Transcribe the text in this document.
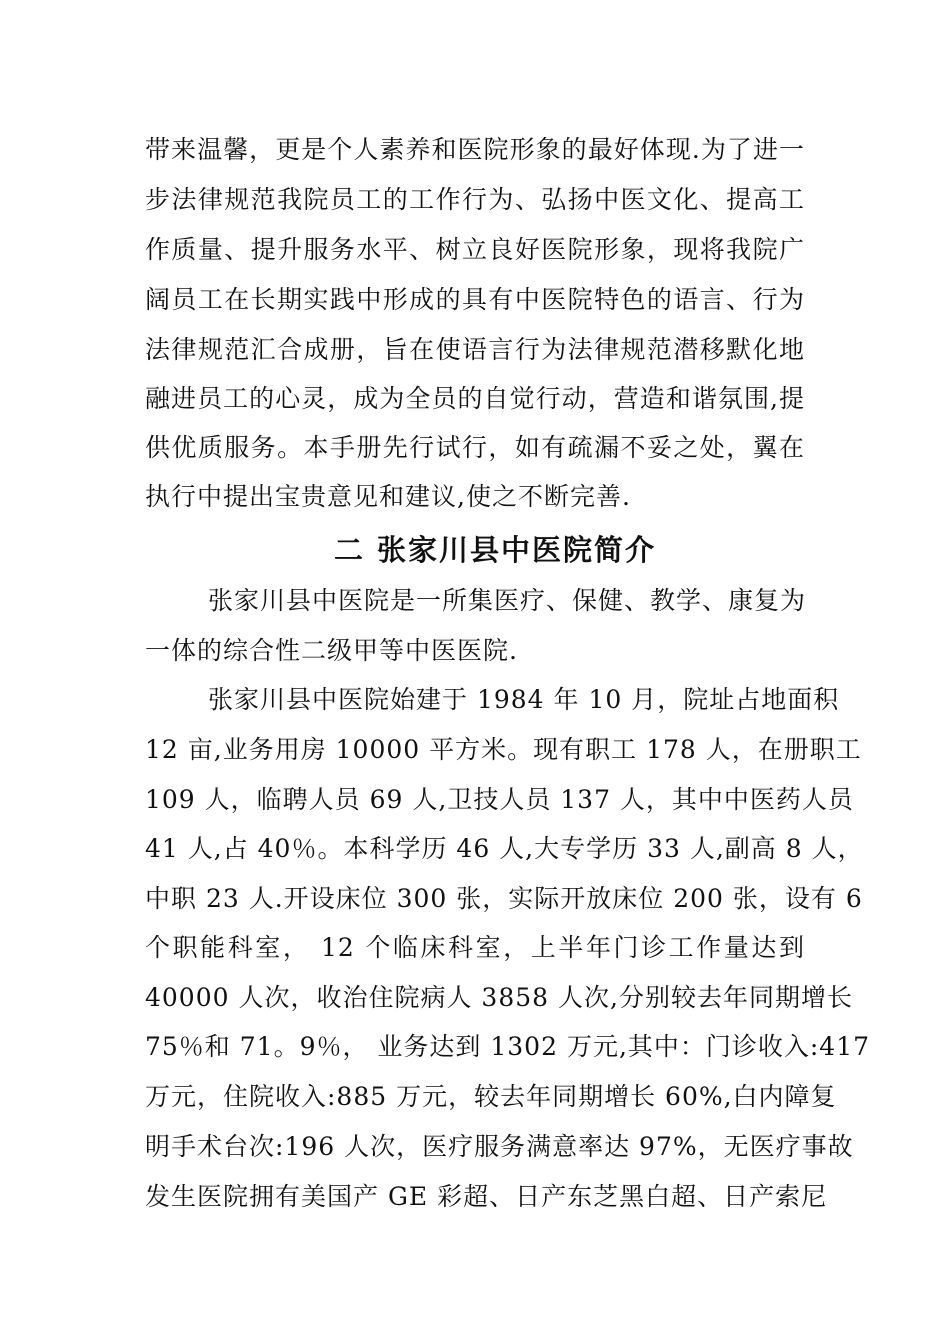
带来温馨，更是个人素养和医院形象的最好体现.为了进一
步法律规范我院员工的工作行为、弘扬中医文化、提高工
作质量、提升服务水平、树立良好医院形象，现将我院广
阔员工在长期实践中形成的具有中医院特色的语言、行为
法律规范汇合成册，旨在使语言行为法律规范潜移默化地
融进员工的心灵，成为全员的自觉行动，营造和谐氛围,提
供优质服务。本手册先行试行，如有疏漏不妥之处，翼在
执行中提出宝贵意见和建议,使之不断完善.
二 张家川县中医院简介
张家川县中医院是一所集医疗、保健、教学、康复为
一体的综合性二级甲等中医医院.
张家川县中医院始建于 1984 年 10 月，院址占地面积
12 亩,业务用房 10000 平方米。现有职工 178 人，在册职工
109 人，临聘人员 69 人,卫技人员 137 人，其中中医药人员
41 人,占 40％。本科学历 46 人,大专学历 33 人,副高 8 人，
中职 23 人.开设床位 300 张，实际开放床位 200 张，设有 6
个职能科室， 12 个临床科室，上半年门诊工作量达到
40000 人次，收治住院病人 3858 人次,分别较去年同期增长
75％和 71。9％， 业务达到 1302 万元,其中：门诊收入:417
万元，住院收入:885 万元，较去年同期增长 60%,白内障复
明手术台次:196 人次，医疗服务满意率达 97%，无医疗事故
发生医院拥有美国产 GE 彩超、日产东芝黑白超、日产索尼
